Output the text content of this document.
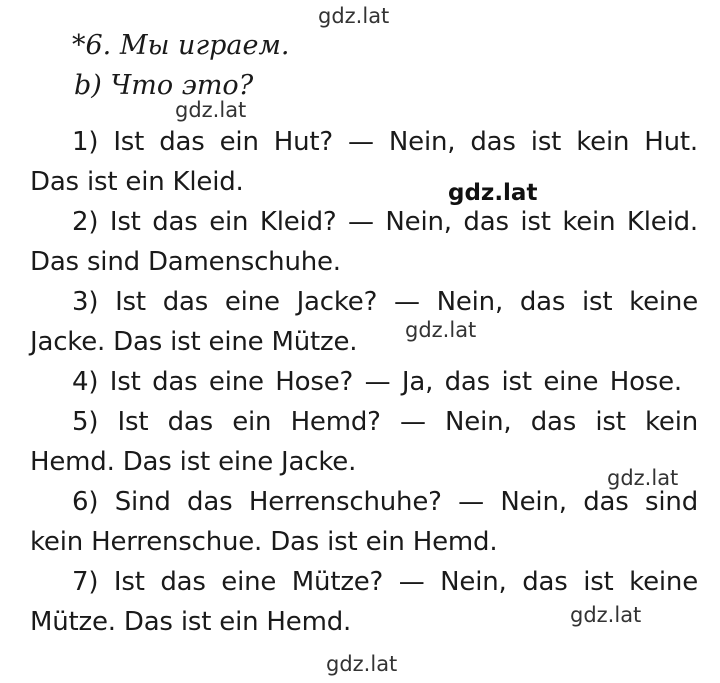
*6. Мы играем.
b) Что это?
1) Ist das ein Hut? — Nein, das ist kein Hut.
Das ist ein Kleid.
2) Ist das ein Kleid? — Nein, das ist kein Kleid.
Das sind Damenschuhe.
3) Ist das eine Jacke? — Nein, das ist keine
Jacke. Das ist eine Mütze.
4) Ist das eine Hose? — Ja, das ist eine Hose.
5) Ist das ein Hemd? — Nein, das ist kein
Hemd. Das ist eine Jacke.
6) Sind das Herrenschuhe? — Nein, das sind
kein Herrenschue. Das ist ein Hemd.
7) Ist das eine Mütze? — Nein, das ist keine
Mütze. Das ist ein Hemd.
gdz.lat
gdz.lat
gdz.lat
gdz.lat
gdz.lat
gdz.lat
gdz.lat
